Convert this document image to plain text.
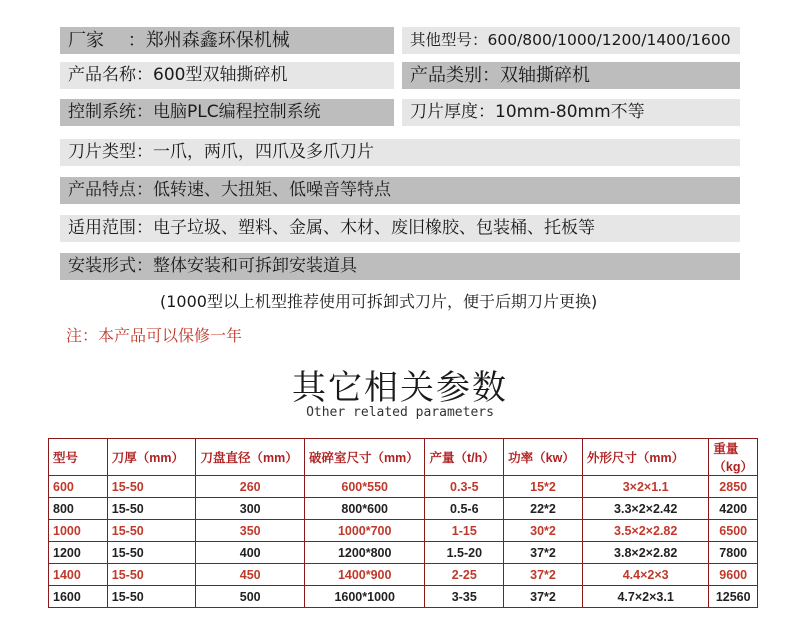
厂家　 ：郑州森鑫环保机械	其他型号：600/800/1000/1200/1400/1600
产品名称：600型双轴撕碎机	产品类别：双轴撕碎机
控制系统：电脑PLC编程控制系统	刀片厚度：10mm-80mm不等
刀片类型：一爪，两爪，四爪及多爪刀片
产品特点：低转速、大扭矩、低噪音等特点
适用范围：电子垃圾、塑料、金属、木材、废旧橡胶、包装桶、托板等
安装形式：整体安装和可拆卸安装道具
(1000型以上机型推荐使用可拆卸式刀片，便于后期刀片更换)
注：本产品可以保修一年
其它相关参数
Other related parameters
型号	刀厚（mm）	刀盘直径（mm）	破碎室尺寸（mm）	产量（t/h）	功率（kw）	外形尺寸（mm）	重量（kg）
600	15-50	260	600*550	0.3-5	15*2	3×2×1.1	2850
800	15-50	300	800*600	0.5-6	22*2	3.3×2×2.42	4200
1000	15-50	350	1000*700	1-15	30*2	3.5×2×2.82	6500
1200	15-50	400	1200*800	1.5-20	37*2	3.8×2×2.82	7800
1400	15-50	450	1400*900	2-25	37*2	4.4×2×3	9600
1600	15-50	500	1600*1000	3-35	37*2	4.7×2×3.1	12560
